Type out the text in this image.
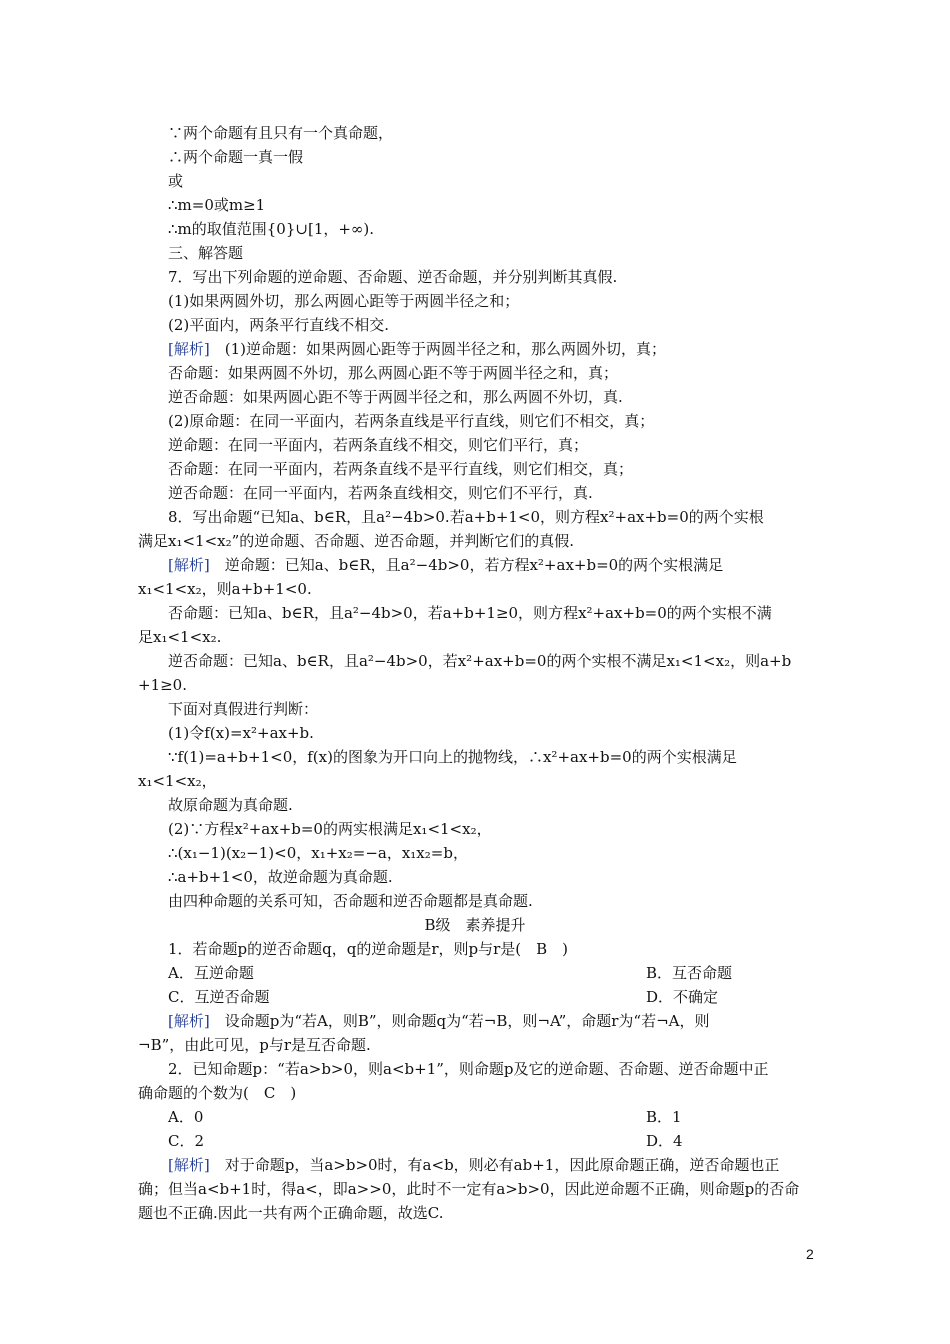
∵两个命题有且只有一个真命题，
∴两个命题一真一假
或
∴m=0或m≥1
∴m的取值范围{0}∪[1，+∞).
三、解答题
7．写出下列命题的逆命题、否命题、逆否命题，并分别判断其真假.
(1)如果两圆外切，那么两圆心距等于两圆半径之和；
(2)平面内，两条平行直线不相交.
[解析]　 (1)逆命题：如果两圆心距等于两圆半径之和，那么两圆外切，真；
否命题：如果两圆不外切，那么两圆心距不等于两圆半径之和，真；
逆否命题：如果两圆心距不等于两圆半径之和，那么两圆不外切，真.
(2)原命题：在同一平面内，若两条直线是平行直线，则它们不相交，真；
逆命题：在同一平面内，若两条直线不相交，则它们平行，真；
否命题：在同一平面内，若两条直线不是平行直线，则它们相交，真；
逆否命题：在同一平面内，若两条直线相交，则它们不平行，真.
8．写出命题“已知a、b∈R，且a²−4b>0.若a+b+1<0，则方程x²+ax+b=0的两个实根
满足x₁<1<x₂”的逆命题、否命题、逆否命题，并判断它们的真假.
[解析]　 逆命题：已知a、b∈R，且a²−4b>0，若方程x²+ax+b=0的两个实根满足
x₁<1<x₂，则a+b+1<0.
否命题：已知a、b∈R，且a²−4b>0，若a+b+1≥0，则方程x²+ax+b=0的两个实根不满
足x₁<1<x₂.
逆否命题：已知a、b∈R，且a²−4b>0，若x²+ax+b=0的两个实根不满足x₁<1<x₂，则a+b
+1≥0.
下面对真假进行判断：
(1)令f(x)=x²+ax+b.
∵f(1)=a+b+1<0，f(x)的图象为开口向上的抛物线，∴x²+ax+b=0的两个实根满足
x₁<1<x₂，
故原命题为真命题.
(2)∵方程x²+ax+b=0的两实根满足x₁<1<x₂，
∴(x₁−1)(x₂−1)<0，x₁+x₂=−a，x₁x₂=b，
∴a+b+1<0，故逆命题为真命题.
由四种命题的关系可知，否命题和逆否命题都是真命题.
B级　素养提升
1．若命题p的逆否命题q，q的逆命题是r，则p与r是(　B　)
A．互逆命题	B．互否命题
C．互逆否命题	D．不确定
[解析]　 设命题p为“若A，则B”，则命题q为“若¬B，则¬A”，命题r为“若¬A，则
¬B”，由此可见，p与r是互否命题.
2．已知命题p：“若a>b>0，则a<b+1”，则命题p及它的逆命题、否命题、逆否命题中正
确命题的个数为(　C　)
A．0	B．1
C．2	D．4
[解析]　 对于命题p，当a>b>0时，有a<b，则必有ab+1，因此原命题正确，逆否命题也正
确；但当a<b+1时，得a<，即a>>0，此时不一定有a>b>0，因此逆命题不正确，则命题p的否命
题也不正确.因此一共有两个正确命题，故选C.
2
